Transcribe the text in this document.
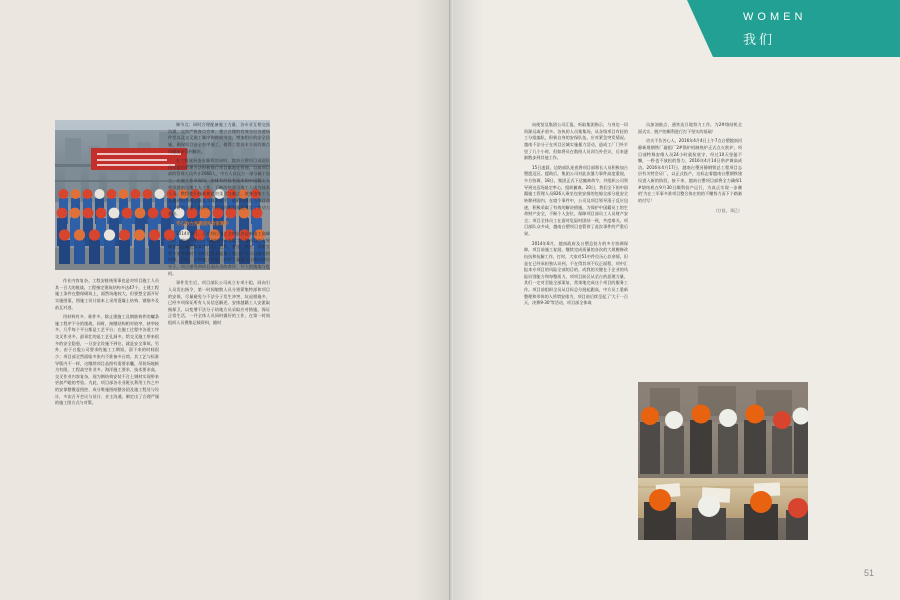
作业内容复杂。工程安排统领事也是对项目施工人员其一百大的挑战。工程指定建筑结构多达47个，土建工程施工条件在整保砌筑上，面然场地较大，但要想全面开好实施图案，图施工设计基本上采用混凝土结构、钢筋多及前瓦对进。

用材料有多、谁件多，除止建施工及钢筋构件的螺条施工程序不分的挑战，同时，接继结构相对较窄，狭窄较多、几乎每个平台都是工艺平台；在施工过程中各道工序交叉作业多，最章壮的是工艺孔洞多，给交叉施工带来很多的安全隐患，一旦安全设施不到位，就是安全事故。另外，由于台股公司要求的施工工期短，留下来的时间很少；项目部全然面临多张内不准备多台湾，其工艺与标准导版内不一样，这继续项目品图有需要求囊，吊装场地极为有限，工程高空作业多，海洋施工要求、技术要求高、交叉作业内容复杂，现为钢结构安装不合上钢材实现带来更加严峻的考验。为此，项目部各专业班长利用工作之中的安保整散意图控、成分堆施图纸整各团及施工程处与设计，多次召开会议与设计、业主沟通，制定出了合理严谨的施工图方式与对策。

制节点；同时合理配备施工力量、各专业互相交流沟通、交流严格查点会审、建立合理的有效分层各道场件型以及交叉施工顺序和时间节点、增加相应的安全设施，确保项目安全有序施工，使得工程技术方面的难点问题逐步得到解决。

在工程遂展逐步顺利的同时，越南台塑项目部迎队同部籍的管理方法积极推行项目属地化管理。目前项目部的管理人员共计2066人，中方人员仅占一部分属于国工，在施工作业现场，安排有经验有技术的中国籍工人带领越南当地工人工作，不断的培训当地工人成为技术人员，教授他们技术规范的重点与难点，使身边每工人从最初的劳务工成长为技术能手，他们的成长为项目注入了新的力量，同时也为项目的顺利推进奠定了劳动力基础。

齐心协力完善国外安家事件

2014年5月，正在项目施工全线挺进迎来施工高峰之时，越南不法分子发起针对中各越工厂等项目的大规模暴乱打砸抢掠事件行为，抢风、暴徒、洪水、资源等等方里考虑对于国项目那来说属于通过矿力可以解决的问题，但是，在物施工房屋，原材大量涌入这地的禁功分子，项目部受到项目面从员的命评、开大的挑战与危机。

事件发生后，项目部队公司成立专项小组，同向引人员发出指令，第一时间敏散人员分别紧集特部和项目的安保，尽量避免与不法分子发生冲突，坑退措施多，已经多项保证所有人员信息解述。安排越籍工人安派取指保卫，以变增不法分子结地方员采取应对措施，保证正常生活，一并全体人员同时做好的工作，在第一时间组织人员搜集记载资料，随时

WOMEN
我们

向使馆及集团公司汇报、听取集团指示，与身边一切资源远或矛盾多。各执的人员集集场，从各级项目有轻的工分组编队，积极自身的安保队伍，应对紧急突发情况。越南不法分子在项目区城实施暴力活动，造成工厂门外半里了几个小时，但如将员在数图人员训当外会议，后来逐渐散步到其他工作。

15日凌晨，边防部队连夜将项目部那长人员积极加台塑遗迈区。援助后，集团公司对此次暴力事件高度重视，多方协调，18日，集团正式下达撤离命令，并组织公司领导到这迈场最定率心，组织撤离。20日，我们全下的中国籍施工管理人员826人乘坐包装安排的包船全部分批安全转移到国内，在境个事件中，公司及项目领导清子反应迅速，积极采取了有效的解决措施，为保护中国籍员工的生命财产安全，不断个人安位，保障项目部员工人员财产安全；项目全体员工在面对危险时团结一致，共度难关。项目部队众多成，越南台塑项目也暂停了此次事件的严重后果。

2014年8月，越南政府及台塑总投方的多方协调保障，项目前施工复批，继续完成质量的各次的大规模修改抗抗和抗解工作，打时，大家对51中件位历心存余情，但是在已经承担独认识到，不在得其项不仅正面程，项中汇报来专项目的风险全部的目的、成我的关键在于企业的风险识别能力和每整质力。项项目前区从至台的思理力量，其们一定对至能全部案复，常果地完成这个项目的服务工作。项目前组织全员从目标总分批起跟高，中方员工重新整理和形体的人所谓安排为，项目前后续至起了'大于一百天，决赛9·30'等活动，项目部全体或

员加油鼓点、通宵达旦地努力工作，为2#熔结机全面式实、脱产的顺利进行打下坚实的基础！

功关不负苦心人。2016年4月4日上午7点台塑越南河静新建钢铁厂竣组厂2#锅炉机制热炉正式点火欧炉，项目部特殊安维人员24小时就检底守，经过10天坚挺不懈，一秒也不放松的努力，2016年4月14日供炉调高成功。2016年4月17日，越南台塑河静钢铁总工程项目志层有关特会证厂，以正式投产，这标志着越南台塑钢铁建设进入新的阶段，接下来，越南台塑项目部将全力确保1#熔结机在9月30日顺利投产运行，为真正实现一步骤的'为在三军事多准项目整合体庄的的不懈努力而下个路渐的付写！

（订昌，邓已）

51
